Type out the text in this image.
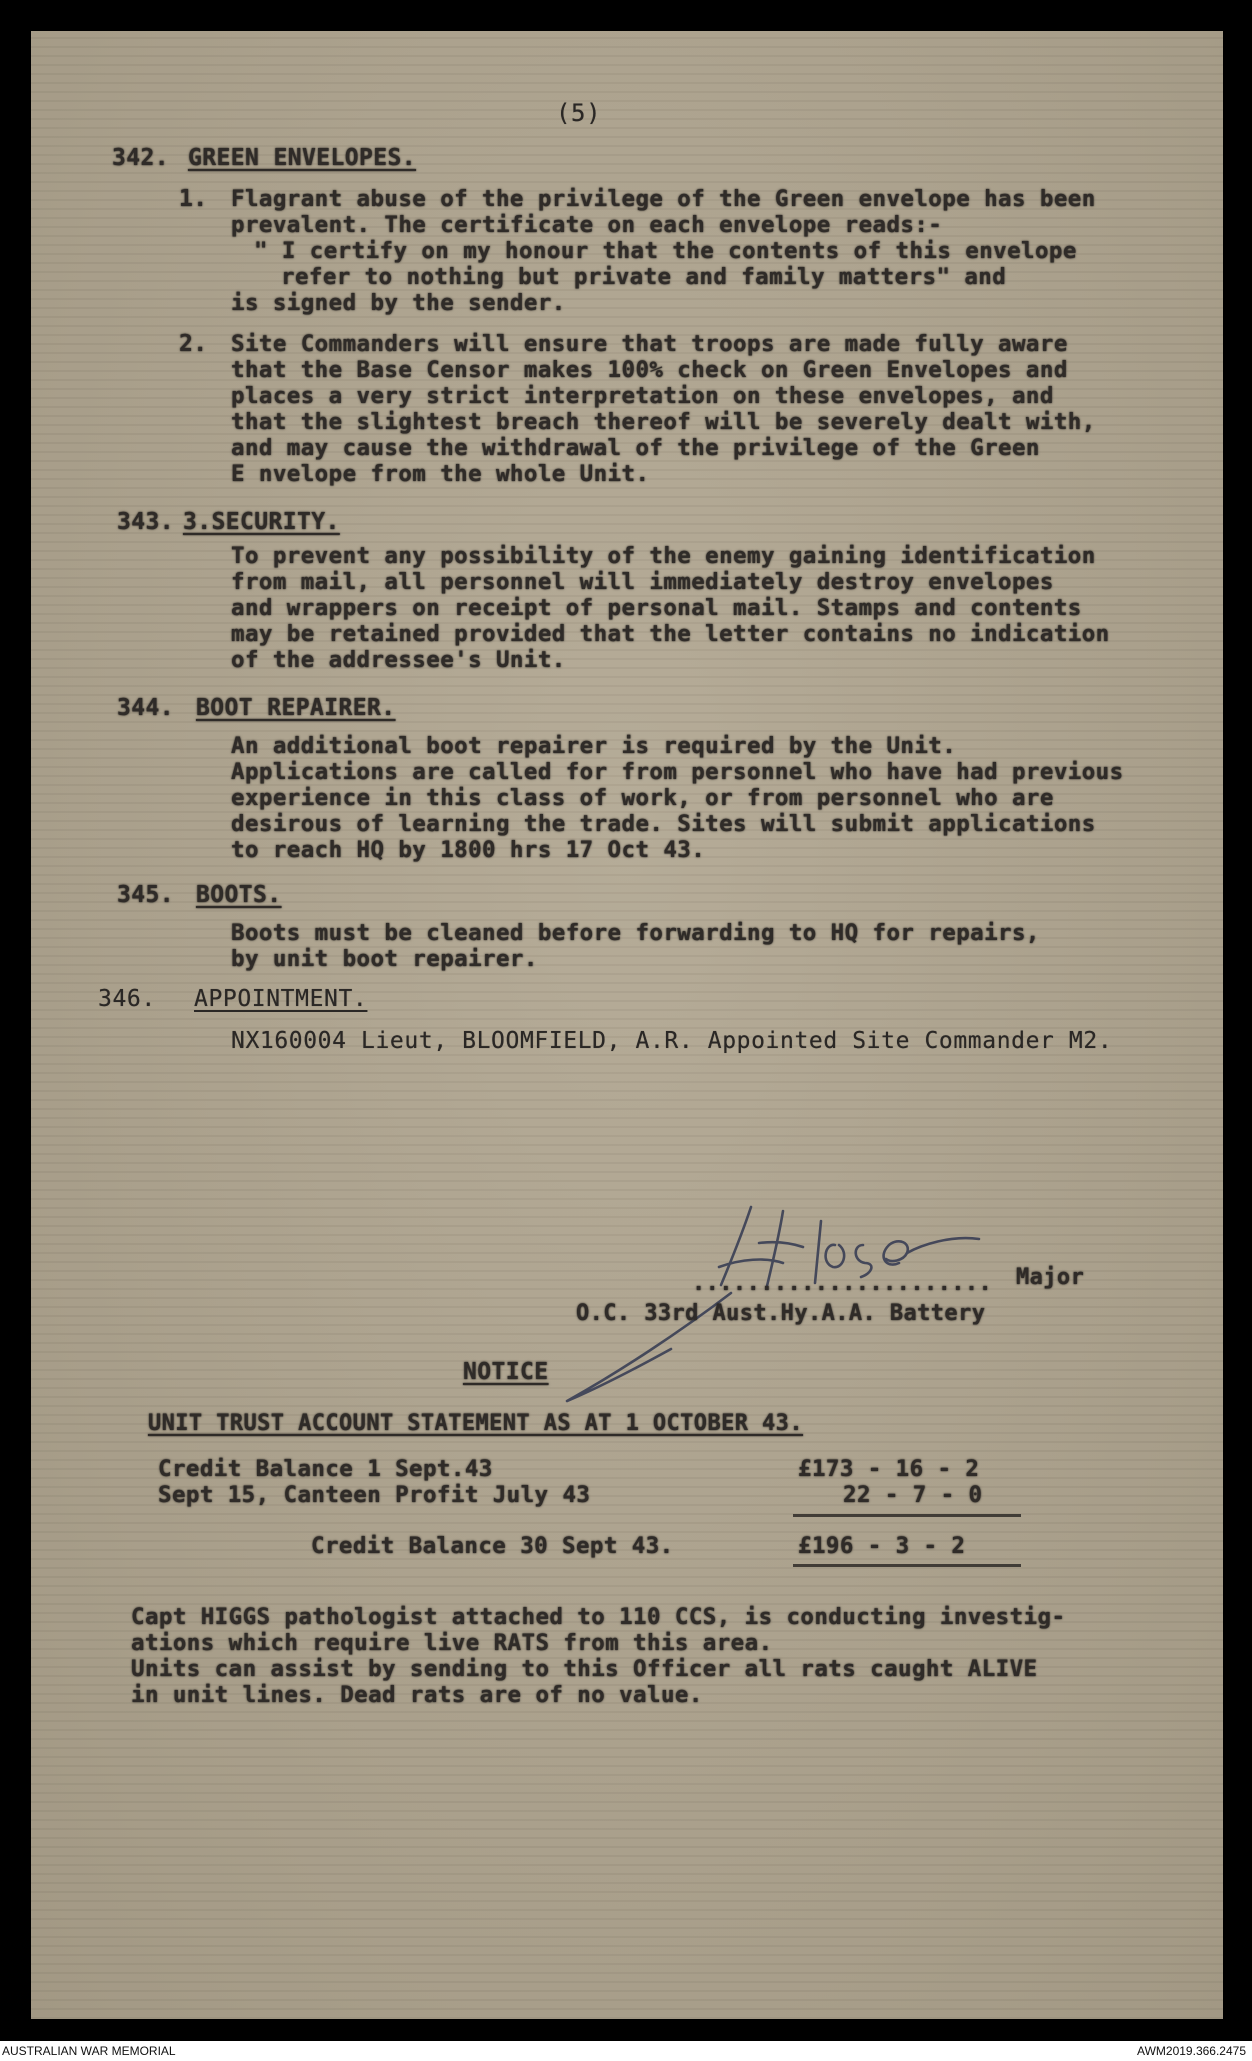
(5)
342. GREEN ENVELOPES.
1. Flagrant abuse of the privilege of the Green envelope has been
prevalent. The certificate on each envelope reads:-
" I certify on my honour that the contents of this envelope
refer to nothing but private and family matters" and
is signed by the sender.
2. Site Commanders will ensure that troops are made fully aware
that the Base Censor makes 100% check on Green Envelopes and
places a very strict interpretation on these envelopes, and
that the slightest breach thereof will be severely dealt with,
and may cause the withdrawal of the privilege of the Green
E nvelope from the whole Unit.
343. 3.SECURITY.
To prevent any possibility of the enemy gaining identification
from mail, all personnel will immediately destroy envelopes
and wrappers on receipt of personal mail. Stamps and contents
may be retained provided that the letter contains no indication
of the addressee's Unit.
344. BOOT REPAIRER.
An additional boot repairer is required by the Unit.
Applications are called for from personnel who have had previous
experience in this class of work, or from personnel who are
desirous of learning the trade. Sites will submit applications
to reach HQ by 1800 hrs 17 Oct 43.
345. BOOTS.
Boots must be cleaned before forwarding to HQ for repairs,
by unit boot repairer.
346. APPOINTMENT.
NX160004 Lieut, BLOOMFIELD, A.R. Appointed Site Commander M2.
...................... Major
O.C. 33rd Aust.Hy.A.A. Battery
NOTICE
UNIT TRUST ACCOUNT STATEMENT AS AT 1 OCTOBER 43.
Credit Balance 1 Sept.43	£173 - 16 - 2
Sept 15, Canteen Profit July 43	22 - 7 - 0
Credit Balance 30 Sept 43.	£196 - 3 - 2
Capt HIGGS pathologist attached to 110 CCS, is conducting investig-
ations which require live RATS from this area.
Units can assist by sending to this Officer all rats caught ALIVE
in unit lines. Dead rats are of no value.
AUSTRALIAN WAR MEMORIAL	AWM2019.366.2475
